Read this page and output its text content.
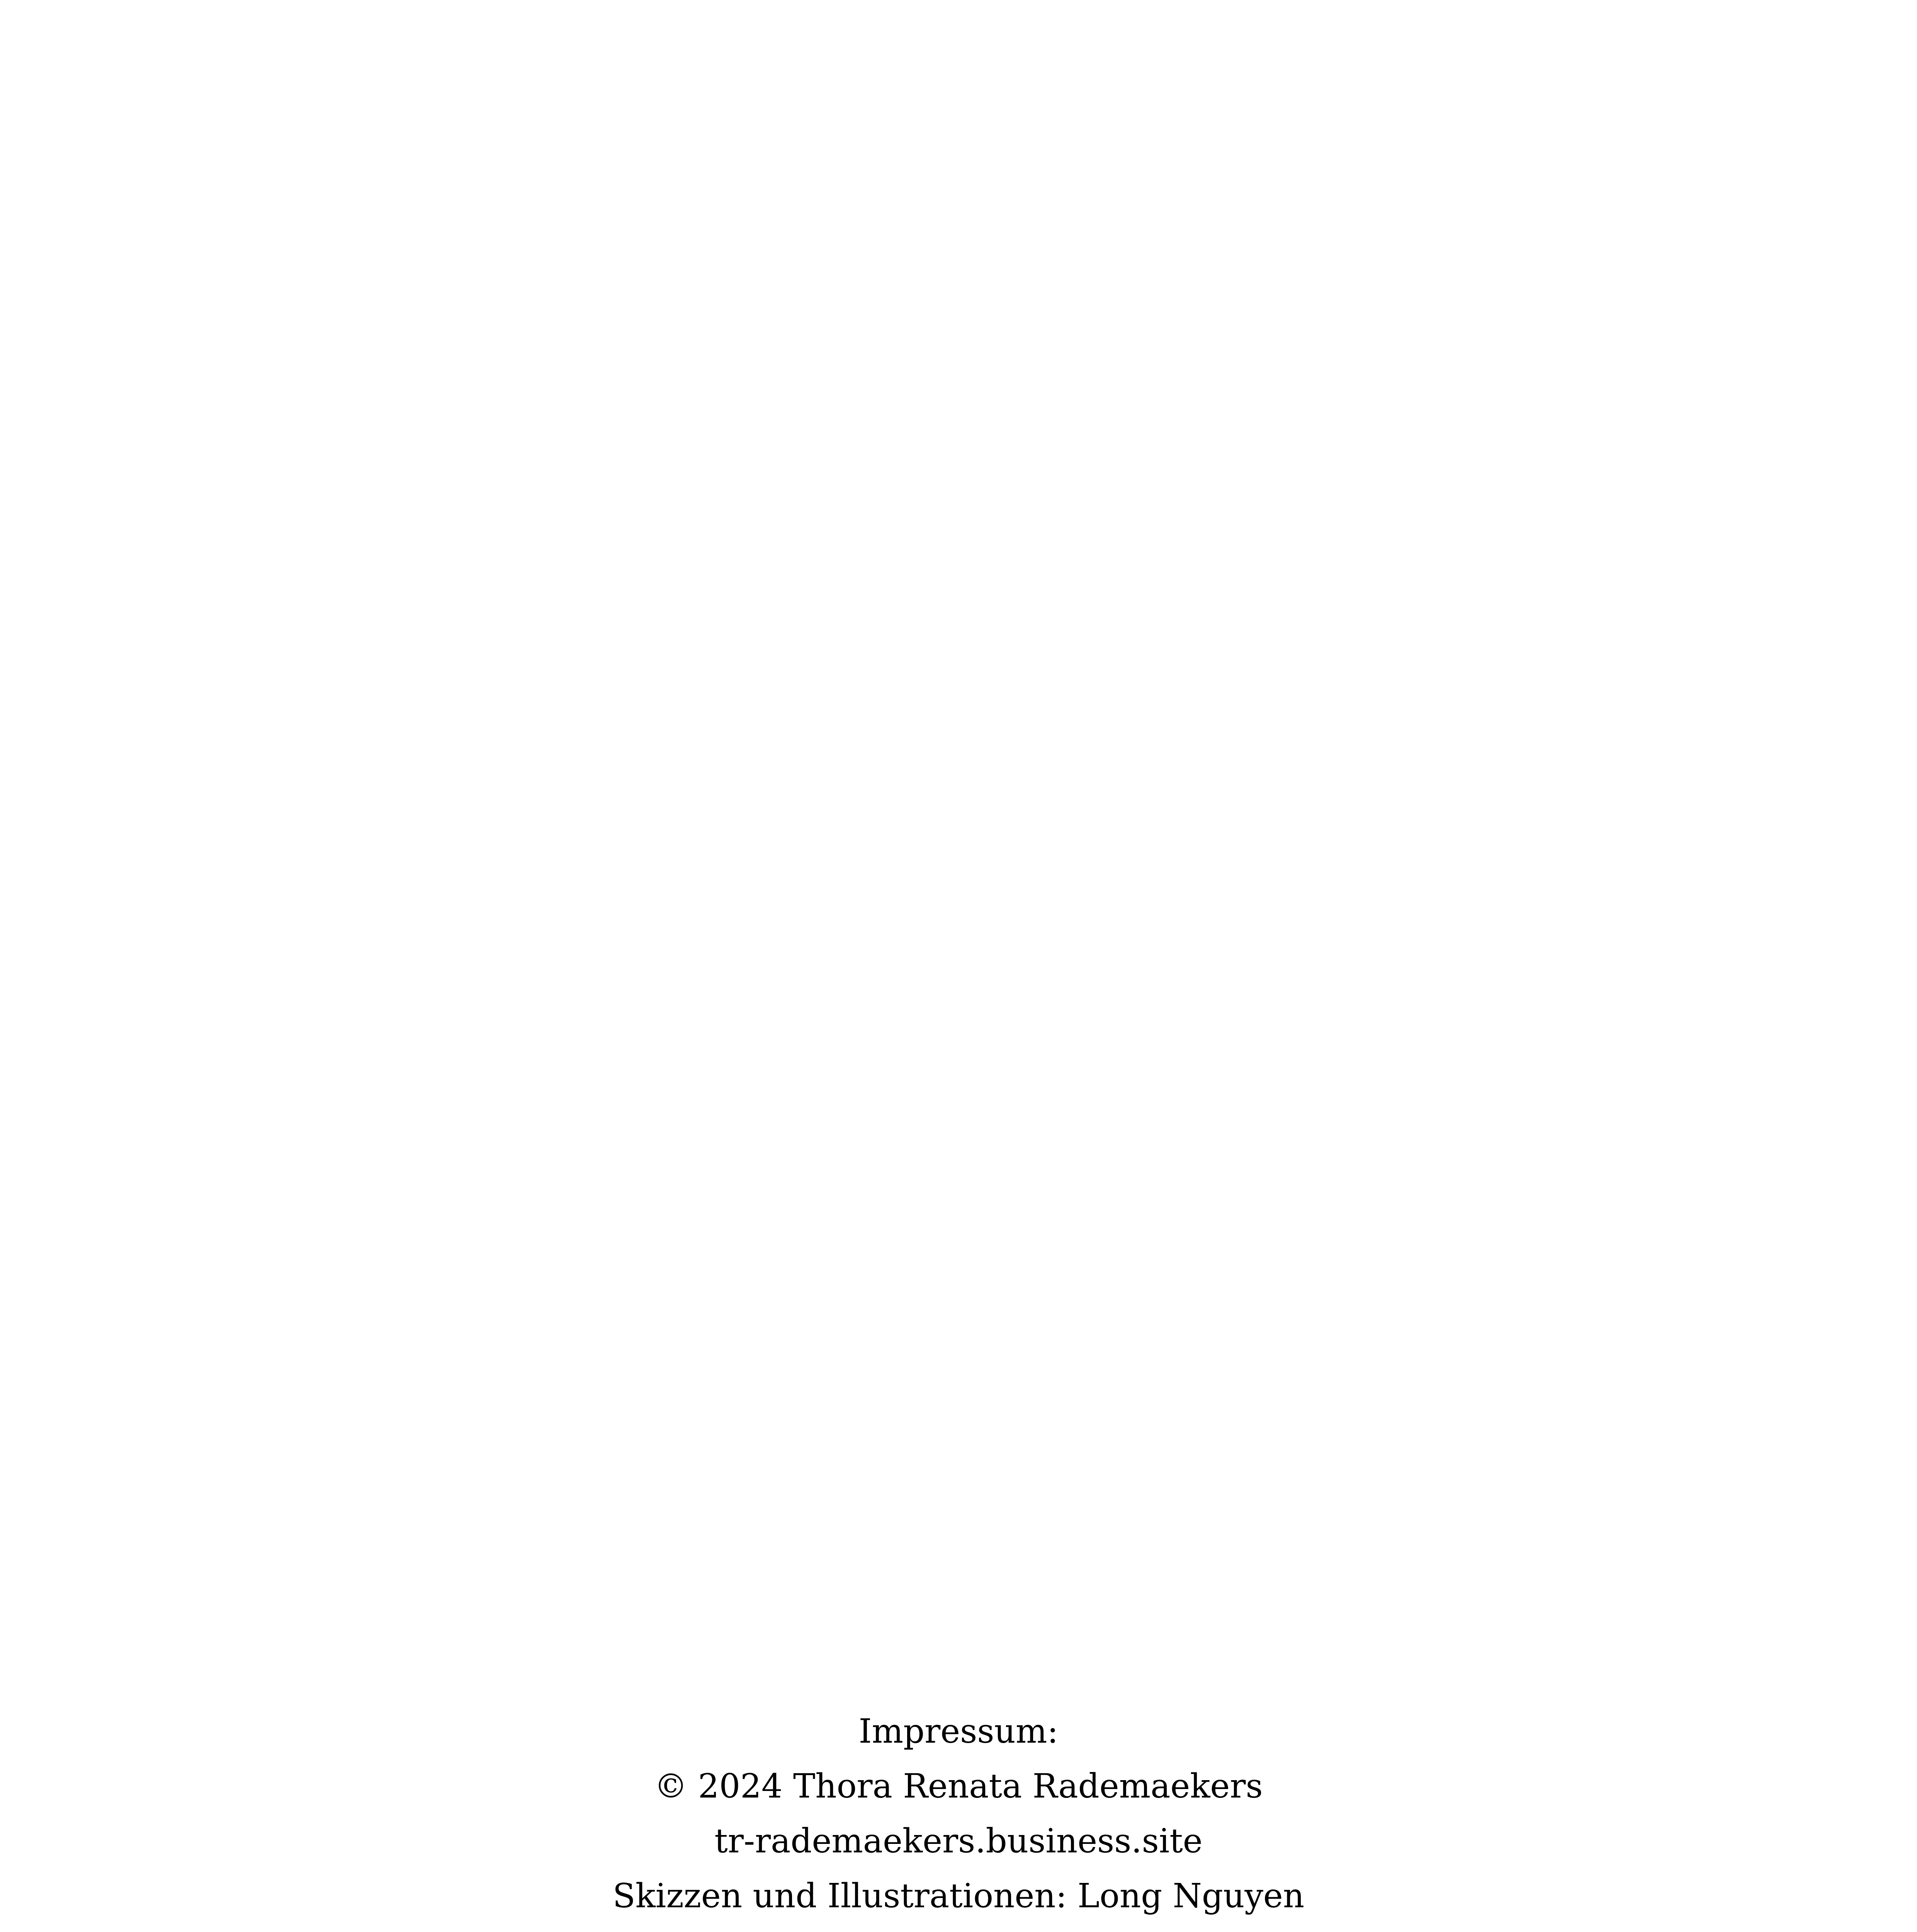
Impressum:
© 2024 Thora Renata Rademaekers
tr-rademaekers.business.site
Skizzen und Illustrationen: Long Nguyen
